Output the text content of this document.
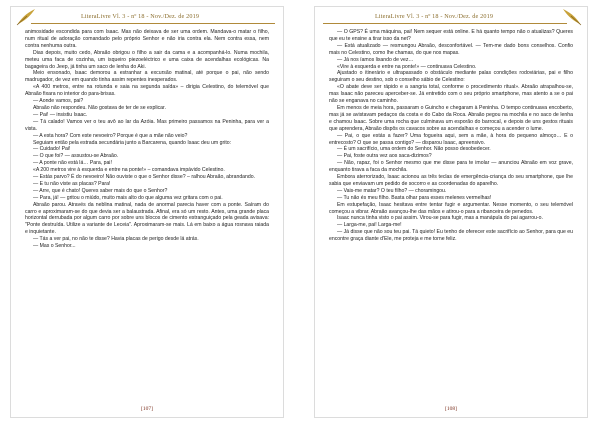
LiteraLivre Vl. 3 - nº 18 - Nov./Dez. de 2019

animosidade escondida para com Isaac. Mas não deixava de ser uma ordem. Mandava-o matar o filho, num ritual de adoração comandado pelo próprio Senhor e não iria contra ela. Nem contra essa, nem contra nenhuma outra.

Dias depois, muito cedo, Abraão obrigou o filho a sair da cama e a acompanhá-lo. Numa mochila, meteu uma faca de cozinha, um isqueiro piezoeléctrico e uma caixa de acendalhas ecológicas. Na bagageira do Jeep, já tinha um saco de lenha do Aki.

Meio ensonado, Isaac demorou a estranhar a excursão matinal, até porque o pai, não sendo madrugador, de vez em quando tinha assim repentes inesperados.

«A 400 metros, entre na rotunda e saia na segunda saída» – dirigia Celestino, do telemóvel que Abraão fixara no interior do para-brisas.

— Aonde vamos, pai?

Abraão não respondeu. Não gostava de ter de se explicar.

— Pai! — insistiu Isaac.

— Tá calado! Vamos ver o teu avô ao lar da Azóia. Mas primeiro passamos na Peninha, para ver a vista.

— A esta hora? Com este nevoeiro? Porque é que a mãe não veio?

Seguiam então pela estrada secundária junto a Barcarena, quando Isaac deu um grito:

— Cuidado! Pai!

— O que foi? — assustou-se Abraão.

— A ponte não está lá… Para, pai!

«A 200 metros vire à esquerda e entre na ponte!» – comandava impávido Celestino.

— Estás parvo? É do nevoeiro! Não ouviste o que o Senhor disse? – ralhou Abraão, abrandando.

— E tu não viste as placas? Para!

— Arre, que é chato! Queres saber mais do que o Senhor?

— Para, já! — gritou o miúdo, muito mais alto do que alguma vez gritara com o pai.

Abraão parou. Através da neblina matinal, nada de anormal parecia haver com a ponte. Saíram do carro e aproximaram-se do que devia ser a balaustrada. Afinal, era só um resto. Antes, uma grande placa horizontal derrubada por algum carro por sobre uns blocos de cimento estranguiçado pela geada avisava: "Ponte destruída. Utilize a variante de Leceia". Aproximaram-se mais. Lá em baixo a água rosnava raiada e inquietante.

— Tás a ver pai, no não te disse? Havia placas de perigo desde lá atrás.

— Mas o Senhor...

[107]
LiteraLivre Vl. 3 - nº 18 - Nov./Dez. de 2019

— O GPS? É uma máquina, pai! Nem sequer está online. E há quanto tempo não o atualizas? Queres que eu te ensine a tirar isso da net?

— Está atualizado — resmungou Abraão, desconfortável. — Tem-me dado bons conselhos. Confio mais no Celestino, como lhe chamas, do que nos mapas.

— Já nos íamos lixando de vez…

«Vire à esquerda e entre na ponte!» — continuava Celestino.

Ajustado o itinerário e ultrapassado o obstáculo mediante palas condições rodoviárias, pai e filho seguiram o seu destino, sob o conselho sábio de Celestino:

«O abate deve ser rápido e a sangria total, conforme o procedimento ritual». Abraão atrapalhou-se, mas Isaac não pareceu aperceber-se. Já entretido com o seu próprio smartphone, mas atento a se o pai não se enganava no caminho.

Em menos de meia hora, passaram o Guincho e chegaram à Peninha. O tempo continuava encoberto, mas já se avistavam pedaços da costa e do Cabo da Roca. Abraão pegou na mochila e no saco de lenha e chamou Isaac. Sobre uma rocha que culminava um esporão do barrocal, e depois de uns gestos rituais que aprendera, Abraão dispôs os cavacos sobre as acendalhas e começou a acender o lume.

— Pai, o que estás a fazer? Uma fogueira aqui, sem a mãe, à hora do pequeno almoço… E o entrecosto? O que se passa contigo? — disparou Isaac, apreensivo.

— É um sacrifício, uma ordem do Senhor. Não posso desobedecer.

— Pai, foste outra vez aos saca-dizimos?

— Não, rapaz, foi o Senhor mesmo que me disse para te imolar — anunciou Abraão em voz grave, enquanto tirava a faca da mochila.

Embora aterrorizado, Isaac acionou as três teclas de emergência-criança do seu smartphone, que lhe sabia que enviavam um pedido de socorro e as coordenadas do aparelho.

— Vais-me matar? O teu filho? — choramingou.

— Tu não és meu filho. Basta olhar para esses melenes vermelhas!

Em estupefação, Isaac hesitava entre tentar fugir e argumentar. Nesse momento, o seu telemóvel começou a vibrar. Abraão avançou-lhe das mãos e atirou-o para a ribanceira de penedos.

Isaac nunca tinha visto o pai assim. Virou-se para fugir, mas a manápula do pai agarrou-o.

— Larga-me, pai! Larga-me!

— Já disse que não sou teu pai. Tá quieto! Eu tenho de oferecer este sacrifício ao Senhor, para que eu encontre graça diante d'Ele, me proteja e me torne feliz.

[108]
